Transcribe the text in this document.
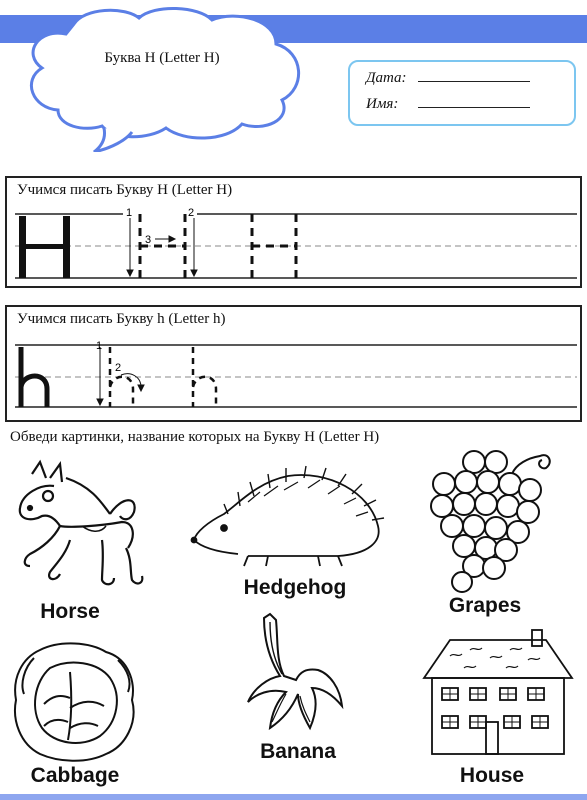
Буква Н (Letter H)
Дата:
Имя:
1	2
3
Учимся писать Букву Н (Letter H)
1
2
Учимся писать Букву h (Letter h)
Обведи картинки, название которых на Букву Н (Letter H)
Horse
Hedgehog
Grapes
Cabbage
Banana
House
